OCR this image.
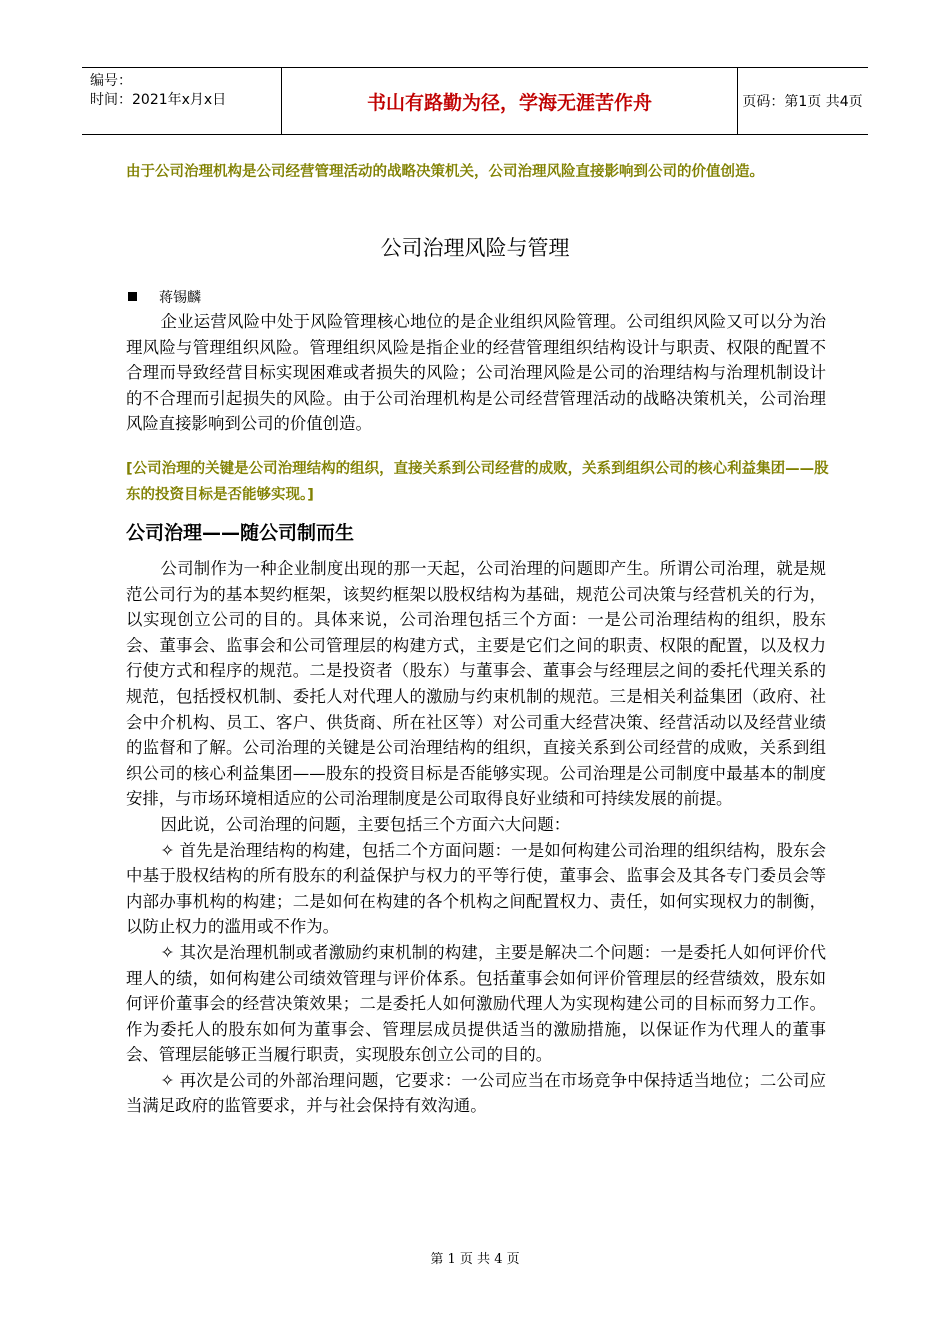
编号：
时间：2021年x月x日	书山有路勤为径，学海无涯苦作舟	页码：第1页 共4页
由于公司治理机构是公司经营管理活动的战略决策机关，公司治理风险直接影响到公司的价值创造。
公司治理风险与管理
蒋锡麟

企业运营风险中处于风险管理核心地位的是企业组织风险管理。公司组织风险又可以分为治理风险与管理组织风险。管理组织风险是指企业的经营管理组织结构设计与职责、权限的配置不合理而导致经营目标实现困难或者损失的风险；公司治理风险是公司的治理结构与治理机制设计的不合理而引起损失的风险。由于公司治理机构是公司经营管理活动的战略决策机关，公司治理风险直接影响到公司的价值创造。

[公司治理的关键是公司治理结构的组织，直接关系到公司经营的成败，关系到组织公司的核心利益集团——股东的投资目标是否能够实现。]
公司治理——随公司制而生

公司制作为一种企业制度出现的那一天起，公司治理的问题即产生。所谓公司治理，就是规范公司行为的基本契约框架，该契约框架以股权结构为基础，规范公司决策与经营机关的行为，以实现创立公司的目的。具体来说，公司治理包括三个方面：一是公司治理结构的组织，股东会、董事会、监事会和公司管理层的构建方式，主要是它们之间的职责、权限的配置，以及权力行使方式和程序的规范。二是投资者（股东）与董事会、董事会与经理层之间的委托代理关系的规范，包括授权机制、委托人对代理人的激励与约束机制的规范。三是相关利益集团（政府、社会中介机构、员工、客户、供货商、所在社区等）对公司重大经营决策、经营活动以及经营业绩的监督和了解。公司治理的关键是公司治理结构的组织，直接关系到公司经营的成败，关系到组织公司的核心利益集团——股东的投资目标是否能够实现。公司治理是公司制度中最基本的制度安排，与市场环境相适应的公司治理制度是公司取得良好业绩和可持续发展的前提。

因此说，公司治理的问题，主要包括三个方面六大问题：

✧ 首先是治理结构的构建，包括二个方面问题：一是如何构建公司治理的组织结构，股东会中基于股权结构的所有股东的利益保护与权力的平等行使，董事会、监事会及其各专门委员会等内部办事机构的构建；二是如何在构建的各个机构之间配置权力、责任，如何实现权力的制衡，以防止权力的滥用或不作为。

✧ 其次是治理机制或者激励约束机制的构建，主要是解决二个问题：一是委托人如何评价代理人的绩，如何构建公司绩效管理与评价体系。包括董事会如何评价管理层的经营绩效，股东如何评价董事会的经营决策效果；二是委托人如何激励代理人为实现构建公司的目标而努力工作。作为委托人的股东如何为董事会、管理层成员提供适当的激励措施，以保证作为代理人的董事会、管理层能够正当履行职责，实现股东创立公司的目的。

✧ 再次是公司的外部治理问题，它要求：一公司应当在市场竞争中保持适当地位；二公司应当满足政府的监管要求，并与社会保持有效沟通。

第 1 页 共 4 页
